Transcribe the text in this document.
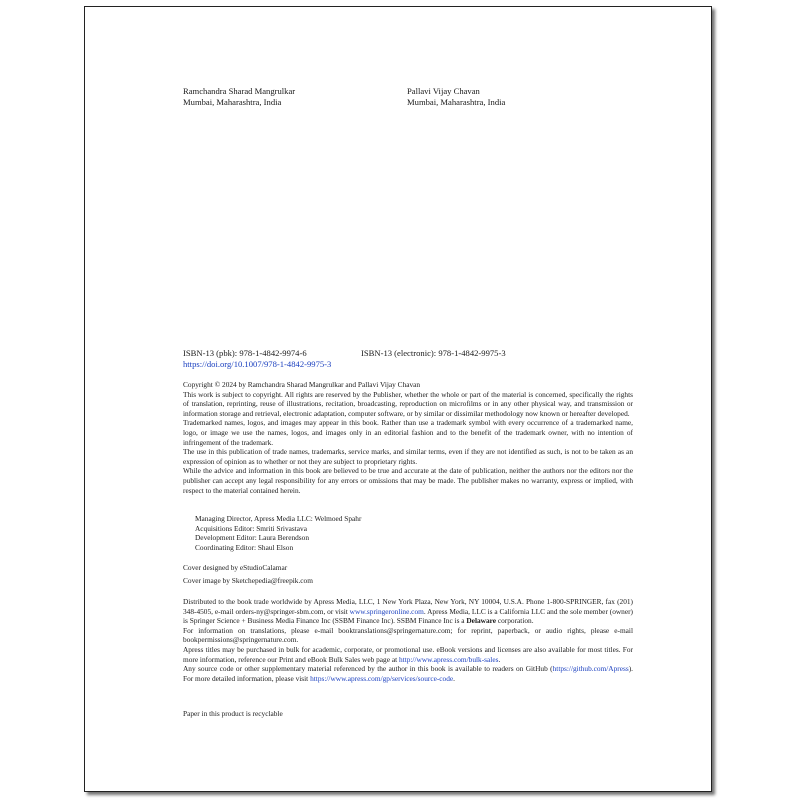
Ramchandra Sharad Mangrulkar
Mumbai, Maharashtra, India
Pallavi Vijay Chavan
Mumbai, Maharashtra, India
ISBN-13 (pbk): 978-1-4842-9974-6	ISBN-13 (electronic): 978-1-4842-9975-3
https://doi.org/10.1007/978-1-4842-9975-3

Copyright © 2024 by Ramchandra Sharad Mangrulkar and Pallavi Vijay Chavan

This work is subject to copyright. All rights are reserved by the Publisher, whether the whole or part of the material is concerned, specifically the rights of translation, reprinting, reuse of illustrations, recitation, broadcasting, reproduction on microfilms or in any other physical way, and transmission or information storage and retrieval, electronic adaptation, computer software, or by similar or dissimilar methodology now known or hereafter developed.

Trademarked names, logos, and images may appear in this book. Rather than use a trademark symbol with every occurrence of a trademarked name, logo, or image we use the names, logos, and images only in an editorial fashion and to the benefit of the trademark owner, with no intention of infringement of the trademark.

The use in this publication of trade names, trademarks, service marks, and similar terms, even if they are not identified as such, is not to be taken as an expression of opinion as to whether or not they are subject to proprietary rights.

While the advice and information in this book are believed to be true and accurate at the date of publication, neither the authors nor the editors nor the publisher can accept any legal responsibility for any errors or omissions that may be made. The publisher makes no warranty, express or implied, with respect to the material contained herein.

Managing Director, Apress Media LLC: Welmoed Spahr
Acquisitions Editor: Smriti Srivastava
Development Editor: Laura Berendson
Coordinating Editor: Shaul Elson
Cover designed by eStudioCalamar
Cover image by Sketchepedia@freepik.com

Distributed to the book trade worldwide by Apress Media, LLC, 1 New York Plaza, New York, NY 10004, U.S.A. Phone 1-800-SPRINGER, fax (201) 348-4505, e-mail orders-ny@springer-sbm.com, or visit www.springeronline.com. Apress Media, LLC is a California LLC and the sole member (owner) is Springer Science + Business Media Finance Inc (SSBM Finance Inc). SSBM Finance Inc is a Delaware corporation.

For information on translations, please e-mail booktranslations@springernature.com; for reprint, paperback, or audio rights, please e-mail bookpermissions@springernature.com.

Apress titles may be purchased in bulk for academic, corporate, or promotional use. eBook versions and licenses are also available for most titles. For more information, reference our Print and eBook Bulk Sales web page at http://www.apress.com/bulk-sales.

Any source code or other supplementary material referenced by the author in this book is available to readers on GitHub (https://github.com/Apress). For more detailed information, please visit https://www.apress.com/gp/services/source-code.

Paper in this product is recyclable
